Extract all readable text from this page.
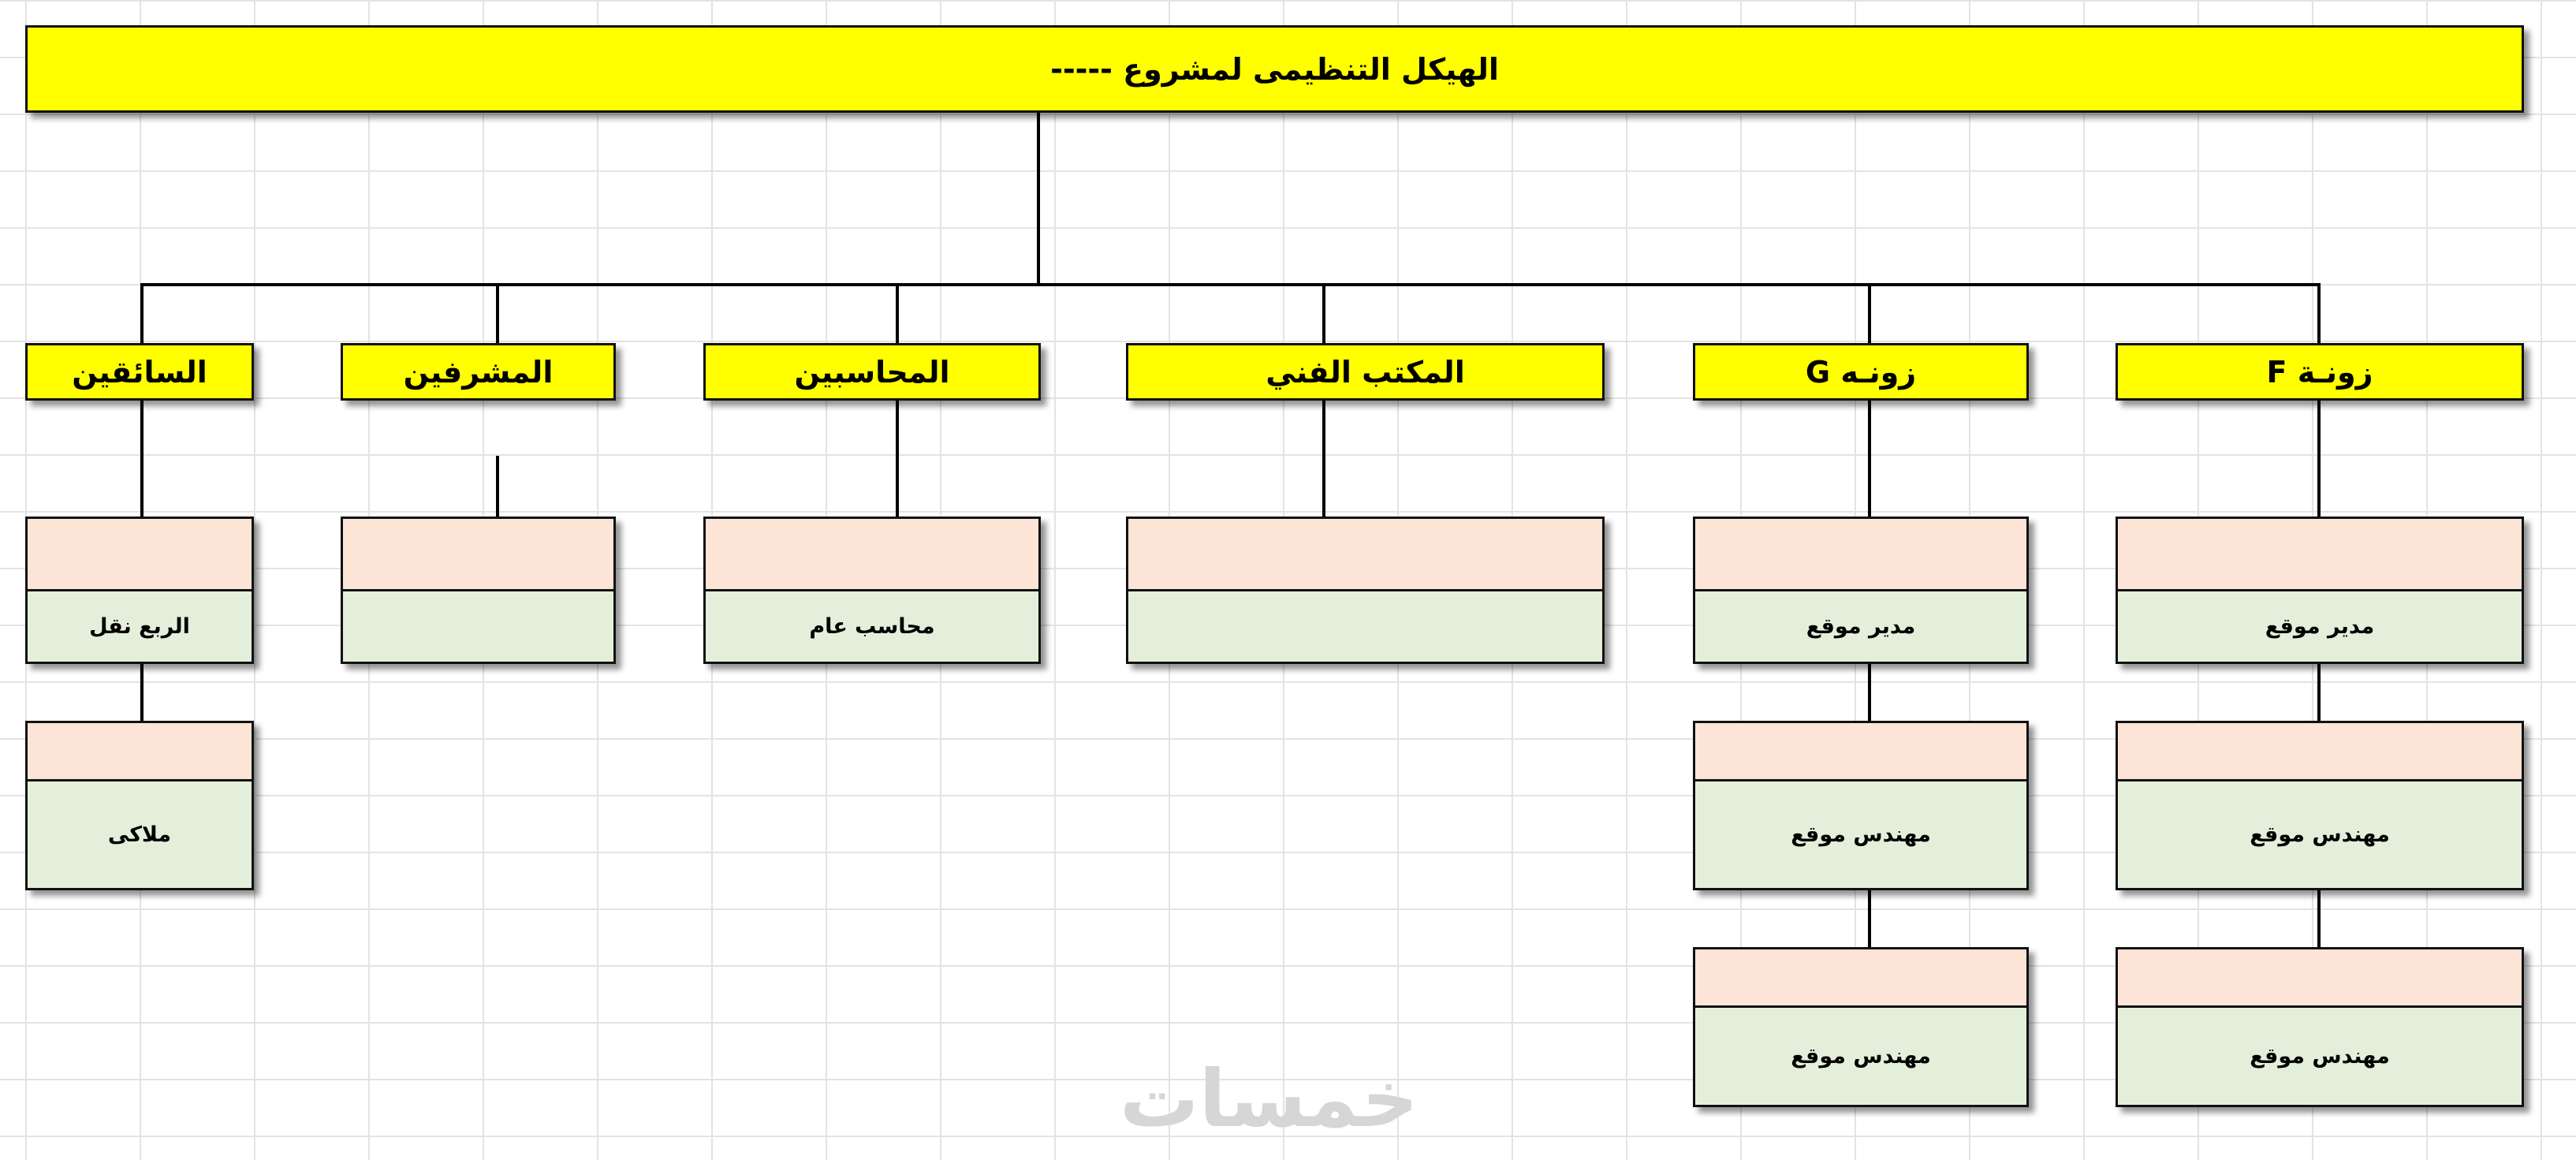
الهيكل التنظيمى لمشروع -----
السائقين	المشرفين	المحاسبين	المكتب الفني	زونـه G	زونـة F
الربع نقل	محاسب عام	مدير موقع	مدير موقع
ملاكى	مهندس موقع	مهندس موقع
مهندس موقع	مهندس موقع
خمسات
